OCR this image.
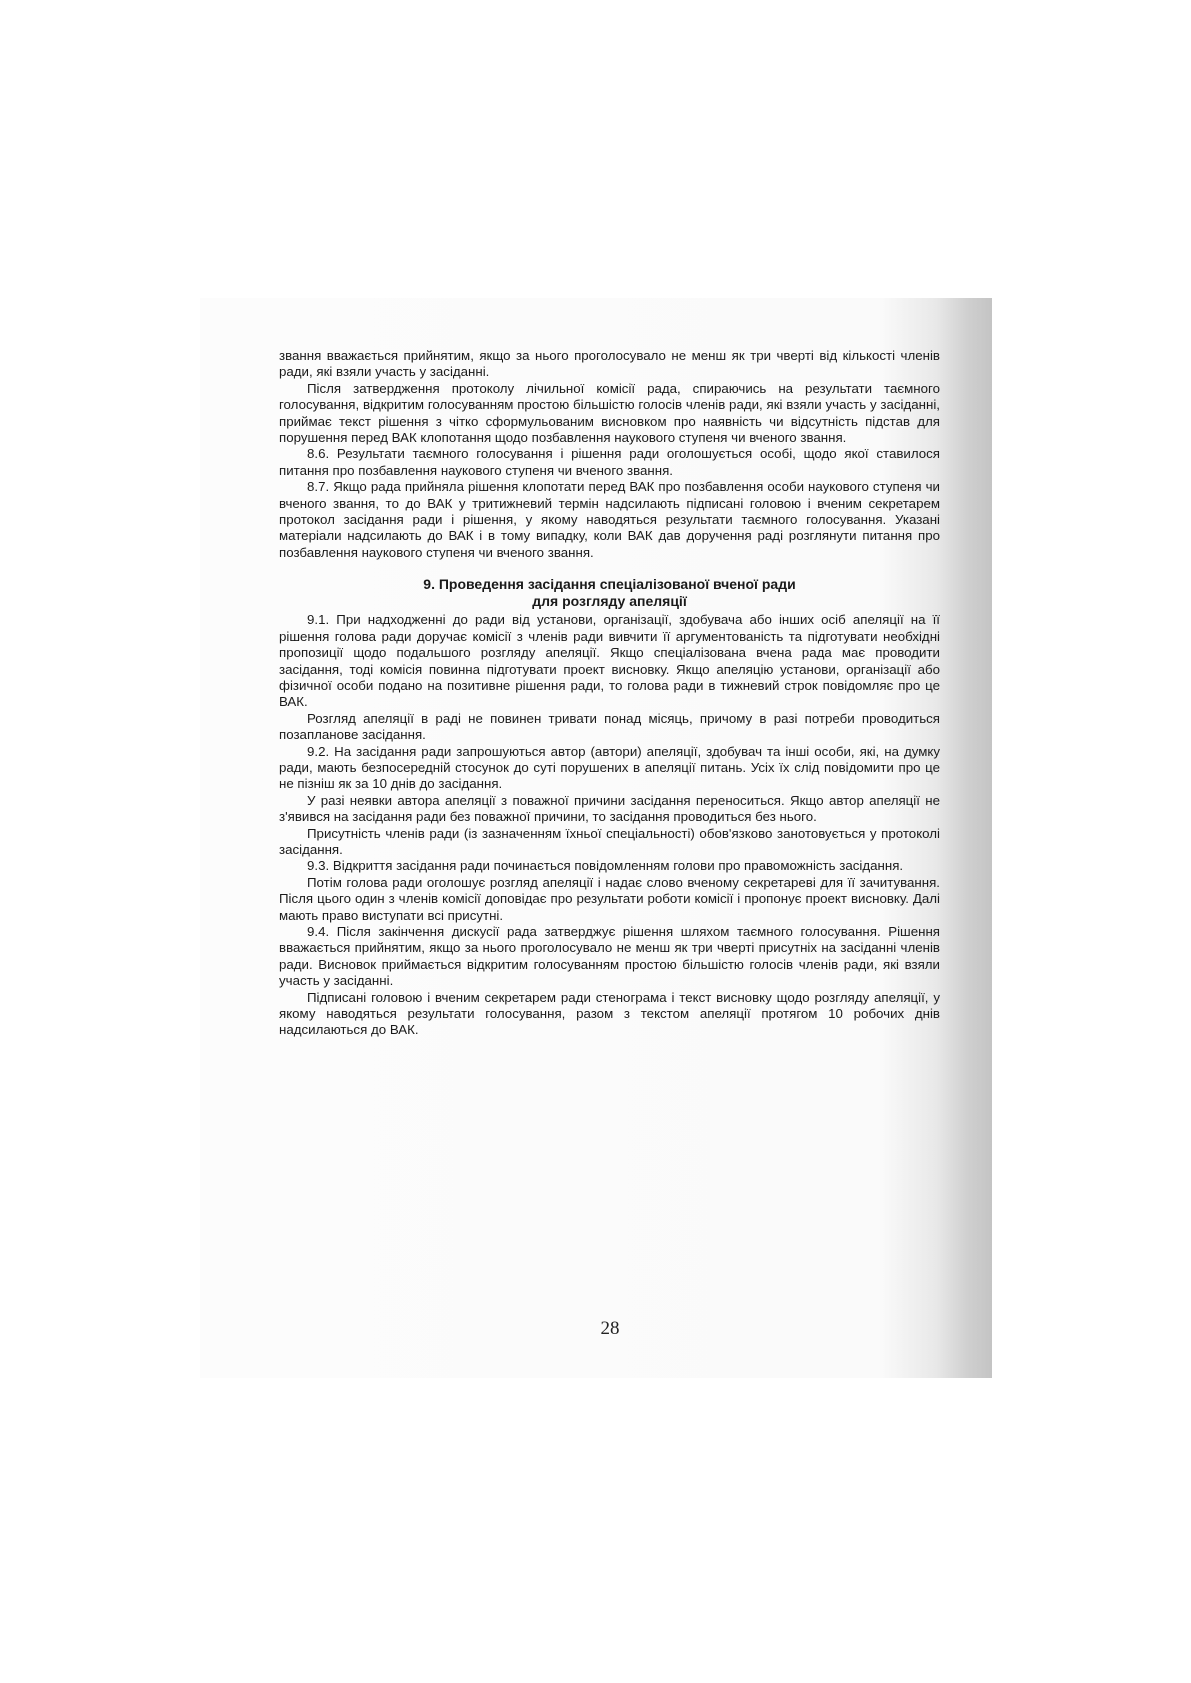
звання вважається прийнятим, якщо за нього проголосувало не менш як три чверті від кількості членів ради, які взяли участь у засіданні.

Після затвердження протоколу лічильної комісії рада, спираючись на результати таємного голосування, відкритим голосуванням простою більшістю голосів членів ради, які взяли участь у засіданні, приймає текст рішення з чітко сформульованим висновком про наявність чи відсутність підстав для порушення перед ВАК клопотання щодо позбавлення наукового ступеня чи вченого звання.

8.6. Результати таємного голосування і рішення ради оголошується особі, щодо якої ставилося питання про позбавлення наукового ступеня чи вченого звання.

8.7. Якщо рада прийняла рішення клопотати перед ВАК про позбавлення особи наукового ступеня чи вченого звання, то до ВАК у тритижневий термін надсилають підписані головою і вченим секретарем протокол засідання ради і рішення, у якому наводяться результати таємного голосування. Указані матеріали надсилають до ВАК і в тому випадку, коли ВАК дав доручення раді розглянути питання про позбавлення наукового ступеня чи вченого звання.

9. Проведення засідання спеціалізованої вченої ради
для розгляду апеляції

9.1. При надходженні до ради від установи, організації, здобувача або інших осіб апеляції на її рішення голова ради доручає комісії з членів ради вивчити її аргументованість та підготувати необхідні пропозиції щодо подальшого розгляду апеляції. Якщо спеціалізована вчена рада має проводити засідання, тоді комісія повинна підготувати проект висновку. Якщо апеляцію установи, організації або фізичної особи подано на позитивне рішення ради, то голова ради в тижневий строк повідомляє про це ВАК.

Розгляд апеляції в раді не повинен тривати понад місяць, причому в разі потреби проводиться позапланове засідання.

9.2. На засідання ради запрошуються автор (автори) апеляції, здобувач та інші особи, які, на думку ради, мають безпосередній стосунок до суті порушених в апеляції питань. Усіх їх слід повідомити про це не пізніш як за 10 днів до засідання.

У разі неявки автора апеляції з поважної причини засідання переноситься. Якщо автор апеляції не з'явився на засідання ради без поважної причини, то засідання проводиться без нього.

Присутність членів ради (із зазначенням їхньої спеціальності) обов'язково занотовується у протоколі засідання.

9.3. Відкриття засідання ради починається повідомленням голови про правоможність засідання.

Потім голова ради оголошує розгляд апеляції і надає слово вченому секретареві для її зачитування. Після цього один з членів комісії доповідає про результати роботи комісії і пропонує проект висновку. Далі мають право виступати всі присутні.

9.4. Після закінчення дискусії рада затверджує рішення шляхом таємного голосування. Рішення вважається прийнятим, якщо за нього проголосувало не менш як три чверті присутніх на засіданні членів ради. Висновок приймається відкритим голосуванням простою більшістю голосів членів ради, які взяли участь у засіданні.

Підписані головою і вченим секретарем ради стенограма і текст висновку щодо розгляду апеляції, у якому наводяться результати голосування, разом з текстом апеляції протягом 10 робочих днів надсилаються до ВАК.

28
